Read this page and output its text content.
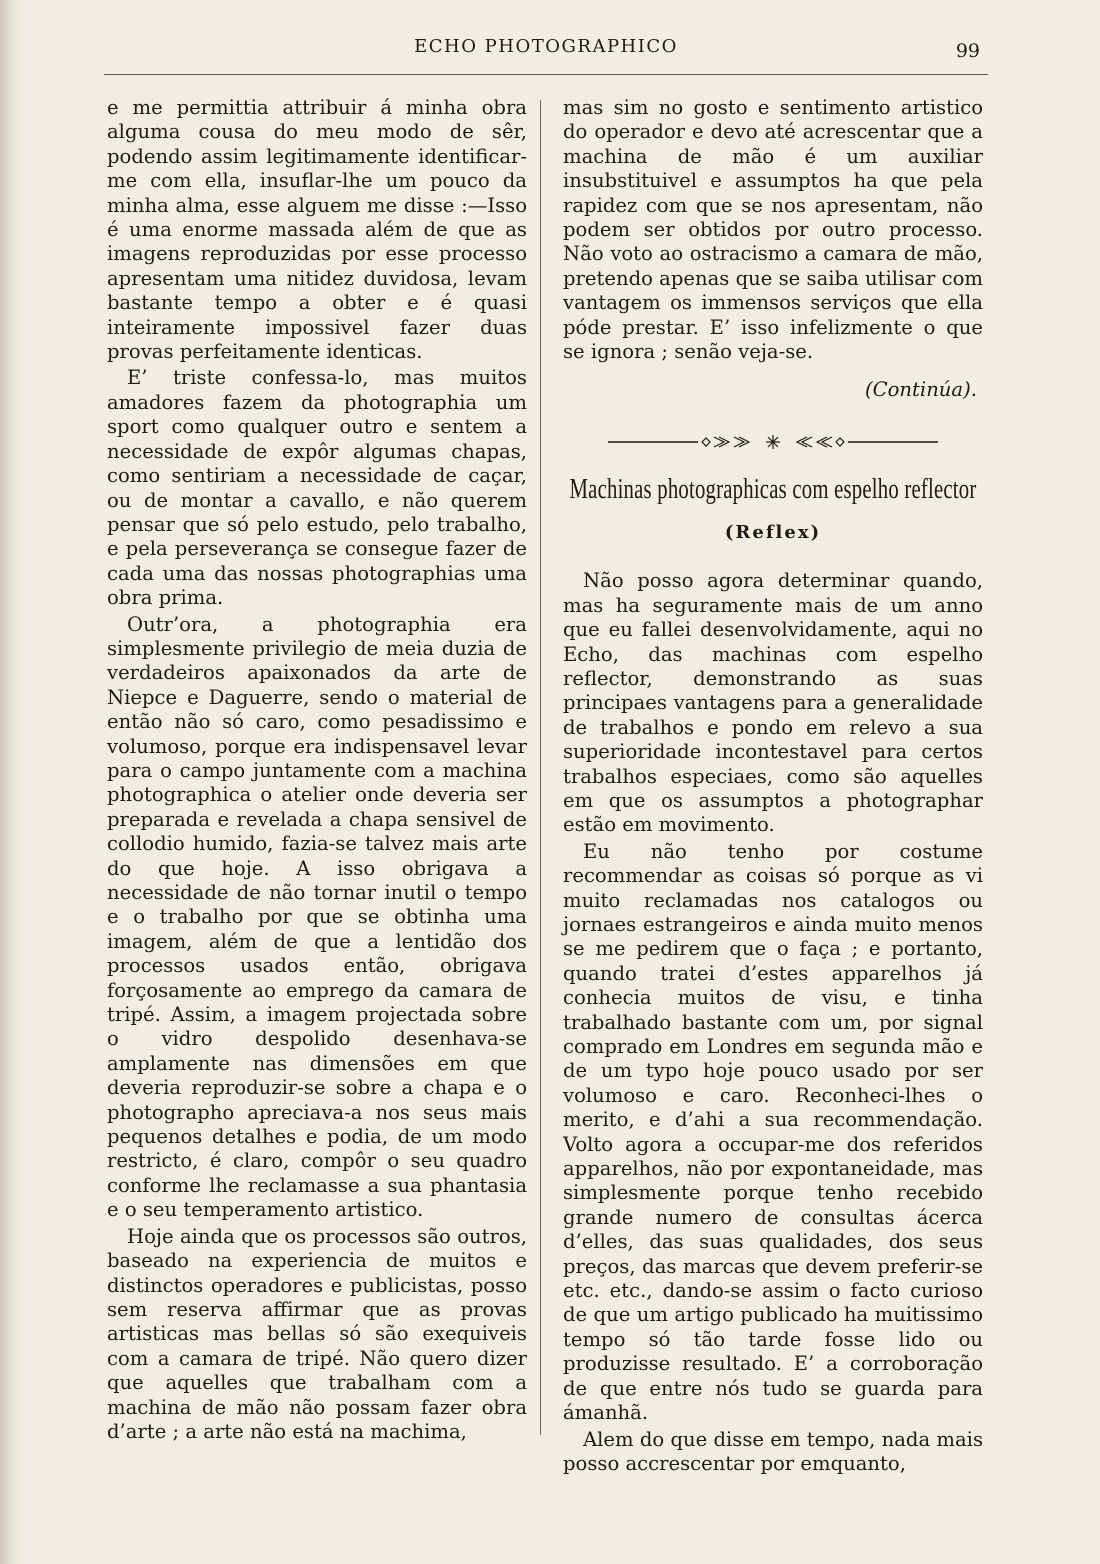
ECHO PHOTOGRAPHICO	99

e me permittia attribuir á minha obra alguma cousa do meu modo de sêr, podendo assim legitimamente identificar-me com ella, insuflar-lhe um pouco da minha alma, esse alguem me disse :—Isso é uma enorme massada além de que as imagens reproduzidas por esse processo apresentam uma nitidez duvidosa, levam bastante tempo a obter e é quasi inteiramente impossivel fazer duas provas perfeitamente identicas.

E’ triste confessa-lo, mas muitos amadores fazem da photographia um sport como qualquer outro e sentem a necessidade de expôr algumas chapas, como sentiriam a necessidade de caçar, ou de montar a cavallo, e não querem pensar que só pelo estudo, pelo trabalho, e pela perseverança se consegue fazer de cada uma das nossas photographias uma obra prima.

Outr’ora, a photographia era simplesmente privilegio de meia duzia de verdadeiros apaixonados da arte de Niepce e Daguerre, sendo o material de então não só caro, como pesadissimo e volumoso, porque era indispensavel levar para o campo juntamente com a machina photographica o atelier onde deveria ser preparada e revelada a chapa sensivel de collodio humido, fazia-se talvez mais arte do que hoje. A isso obrigava a necessidade de não tornar inutil o tempo e o trabalho por que se obtinha uma imagem, além de que a lentidão dos processos usados então, obrigava forçosamente ao emprego da camara de tripé. Assim, a imagem projectada sobre o vidro despolido desenhava-se amplamente nas dimensões em que deveria reproduzir-se sobre a chapa e o photographo apreciava-a nos seus mais pequenos detalhes e podia, de um modo restricto, é claro, compôr o seu quadro conforme lhe reclamasse a sua phantasia e o seu temperamento artistico.

Hoje ainda que os processos são outros, baseado na experiencia de muitos e distinctos operadores e publicistas, posso sem reserva affirmar que as provas artisticas mas bellas só são exequiveis com a camara de tripé. Não quero dizer que aquelles que trabalham com a machina de mão não possam fazer obra d’arte ; a arte não está na machima,

mas sim no gosto e sentimento artistico do operador e devo até acrescentar que a machina de mão é um auxiliar insubstituivel e assumptos ha que pela rapidez com que se nos apresentam, não podem ser obtidos por outro processo. Não voto ao ostracismo a camara de mão, pretendo apenas que se saiba utilisar com vantagem os immensos serviços que ella póde prestar. E’ isso infelizmente o que se ignora ; senão veja-se.

(Continúa).

Machinas photographicas com espelho reflector

(Reflex)

Não posso agora determinar quando, mas ha seguramente mais de um anno que eu fallei desenvolvidamente, aqui no Echo, das machinas com espelho reflector, demonstrando as suas principaes vantagens para a generalidade de trabalhos e pondo em relevo a sua superioridade incontestavel para certos trabalhos especiaes, como são aquelles em que os assumptos a photographar estão em movimento.

Eu não tenho por costume recommendar as coisas só porque as vi muito reclamadas nos catalogos ou jornaes estrangeiros e ainda muito menos se me pedirem que o faça ; e portanto, quando tratei d’estes apparelhos já conhecia muitos de visu, e tinha trabalhado bastante com um, por signal comprado em Londres em segunda mão e de um typo hoje pouco usado por ser volumoso e caro. Reconheci-lhes o merito, e d’ahi a sua recommendação. Volto agora a occupar-me dos referidos apparelhos, não por expontaneidade, mas simplesmente porque tenho recebido grande numero de consultas ácerca d’elles, das suas qualidades, dos seus preços, das marcas que devem preferir-se etc. etc., dando-se assim o facto curioso de que um artigo publicado ha muitissimo tempo só tão tarde fosse lido ou produzisse resultado. E’ a corroboração de que entre nós tudo se guarda para ámanhã.

Alem do que disse em tempo, nada mais posso accrescentar por emquanto,
